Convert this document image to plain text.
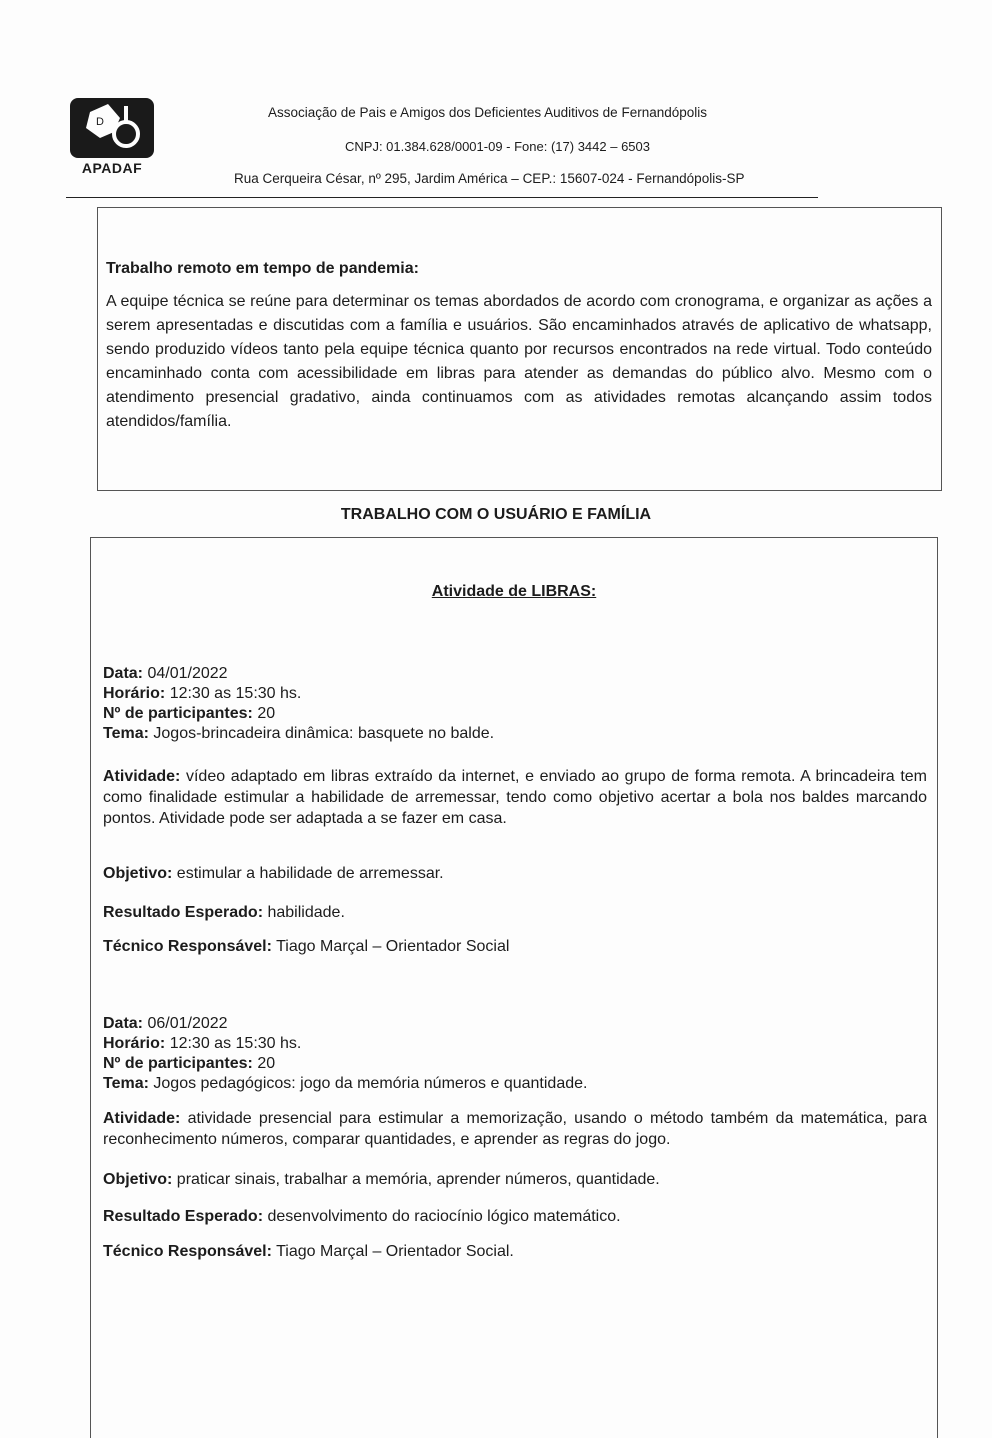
D
APADAF
Associação de Pais e Amigos dos Deficientes Auditivos de Fernandópolis
CNPJ: 01.384.628/0001-09 - Fone: (17) 3442 – 6503
Rua Cerqueira César, nº 295, Jardim América – CEP.: 15607-024 - Fernandópolis-SP
Trabalho remoto em tempo de pandemia:
A equipe técnica se reúne para determinar os temas abordados de acordo com cronograma, e organizar as ações a serem apresentadas e discutidas com a família e usuários. São encaminhados através de aplicativo de whatsapp, sendo produzido vídeos tanto pela equipe técnica quanto por recursos encontrados na rede virtual. Todo conteúdo encaminhado conta com acessibilidade em libras para atender as demandas do público alvo. Mesmo com o atendimento presencial gradativo, ainda continuamos com as atividades remotas alcançando assim todos atendidos/família.
TRABALHO COM O USUÁRIO E FAMÍLIA
Atividade de LIBRAS:
Data: 04/01/2022
Horário: 12:30 as 15:30 hs.
Nº de participantes: 20
Tema: Jogos-brincadeira dinâmica: basquete no balde.
Atividade: vídeo adaptado em libras extraído da internet, e enviado ao grupo de forma remota. A brincadeira tem como finalidade estimular a habilidade de arremessar, tendo como objetivo acertar a bola nos baldes marcando pontos. Atividade pode ser adaptada a se fazer em casa.
Objetivo: estimular a habilidade de arremessar.
Resultado Esperado: habilidade.
Técnico Responsável: Tiago Marçal – Orientador Social
Data: 06/01/2022
Horário: 12:30 as 15:30 hs.
Nº de participantes: 20
Tema: Jogos pedagógicos: jogo da memória números e quantidade.
Atividade: atividade presencial para estimular a memorização, usando o método também da matemática, para reconhecimento números, comparar quantidades, e aprender as regras do jogo.
Objetivo: praticar sinais, trabalhar a memória, aprender números, quantidade.
Resultado Esperado: desenvolvimento do raciocínio lógico matemático.
Técnico Responsável: Tiago Marçal – Orientador Social.
